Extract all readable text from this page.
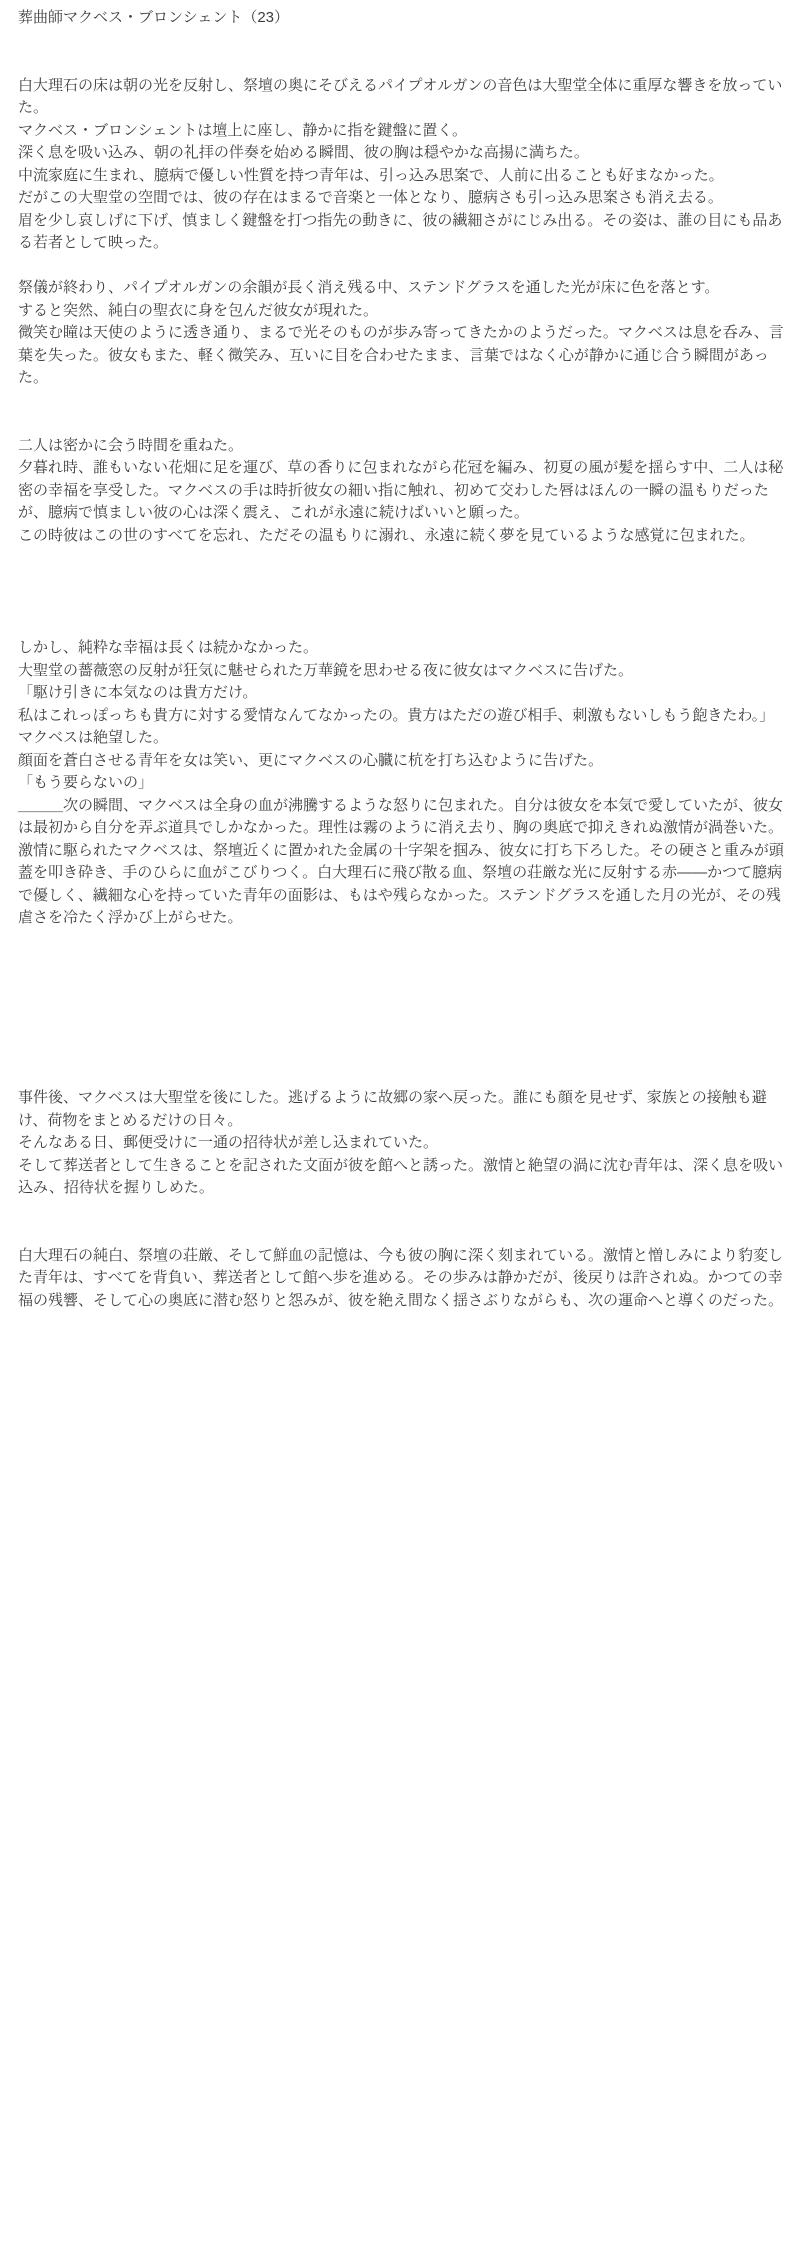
葬曲師マクベス・ブロンシェント（23）

白大理石の床は朝の光を反射し、祭壇の奥にそびえるパイプオルガンの音色は大聖堂全体に重厚な響きを放っていた。
マクベス・ブロンシェントは壇上に座し、静かに指を鍵盤に置く。
深く息を吸い込み、朝の礼拝の伴奏を始める瞬間、彼の胸は穏やかな高揚に満ちた。
中流家庭に生まれ、臆病で優しい性質を持つ青年は、引っ込み思案で、人前に出ることも好まなかった。
だがこの大聖堂の空間では、彼の存在はまるで音楽と一体となり、臆病さも引っ込み思案さも消え去る。
眉を少し哀しげに下げ、慎ましく鍵盤を打つ指先の動きに、彼の繊細さがにじみ出る。その姿は、誰の目にも品ある若者として映った。
祭儀が終わり、パイプオルガンの余韻が長く消え残る中、ステンドグラスを通した光が床に色を落とす。
すると突然、純白の聖衣に身を包んだ彼女が現れた。
微笑む瞳は天使のように透き通り、まるで光そのものが歩み寄ってきたかのようだった。マクベスは息を呑み、言葉を失った。彼女もまた、軽く微笑み、互いに目を合わせたまま、言葉ではなく心が静かに通じ合う瞬間があった。
二人は密かに会う時間を重ねた。
夕暮れ時、誰もいない花畑に足を運び、草の香りに包まれながら花冠を編み、初夏の風が髪を揺らす中、二人は秘密の幸福を享受した。マクベスの手は時折彼女の細い指に触れ、初めて交わした唇はほんの一瞬の温もりだったが、臆病で慎ましい彼の心は深く震え、これが永遠に続けばいいと願った。
この時彼はこの世のすべてを忘れ、ただその温もりに溺れ、永遠に続く夢を見ているような感覚に包まれた。
しかし、純粋な幸福は長くは続かなかった。
大聖堂の薔薇窓の反射が狂気に魅せられた万華鏡を思わせる夜に彼女はマクベスに告げた。
「駆け引きに本気なのは貴方だけ。
私はこれっぽっちも貴方に対する愛情なんてなかったの。貴方はただの遊び相手、刺激もないしもう飽きたわ。」
マクベスは絶望した。
顔面を蒼白させる青年を女は笑い、更にマクベスの心臓に杭を打ち込むように告げた。
「もう要らないの」
＿＿＿次の瞬間、マクベスは全身の血が沸騰するような怒りに包まれた。自分は彼女を本気で愛していたが、彼女は最初から自分を弄ぶ道具でしかなかった。理性は霧のように消え去り、胸の奥底で抑えきれぬ激情が渦巻いた。
激情に駆られたマクベスは、祭壇近くに置かれた金属の十字架を掴み、彼女に打ち下ろした。その硬さと重みが頭蓋を叩き砕き、手のひらに血がこびりつく。白大理石に飛び散る血、祭壇の荘厳な光に反射する赤――かつて臆病で優しく、繊細な心を持っていた青年の面影は、もはや残らなかった。ステンドグラスを通した月の光が、その残虐さを冷たく浮かび上がらせた。
事件後、マクベスは大聖堂を後にした。逃げるように故郷の家へ戻った。誰にも顔を見せず、家族との接触も避け、荷物をまとめるだけの日々。
そんなある日、郵便受けに一通の招待状が差し込まれていた。
そして葬送者として生きることを記された文面が彼を館へと誘った。激情と絶望の渦に沈む青年は、深く息を吸い込み、招待状を握りしめた。
白大理石の純白、祭壇の荘厳、そして鮮血の記憶は、今も彼の胸に深く刻まれている。激情と憎しみにより豹変した青年は、すべてを背負い、葬送者として館へ歩を進める。その歩みは静かだが、後戻りは許されぬ。かつての幸福の残響、そして心の奥底に潜む怒りと怨みが、彼を絶え間なく揺さぶりながらも、次の運命へと導くのだった。
